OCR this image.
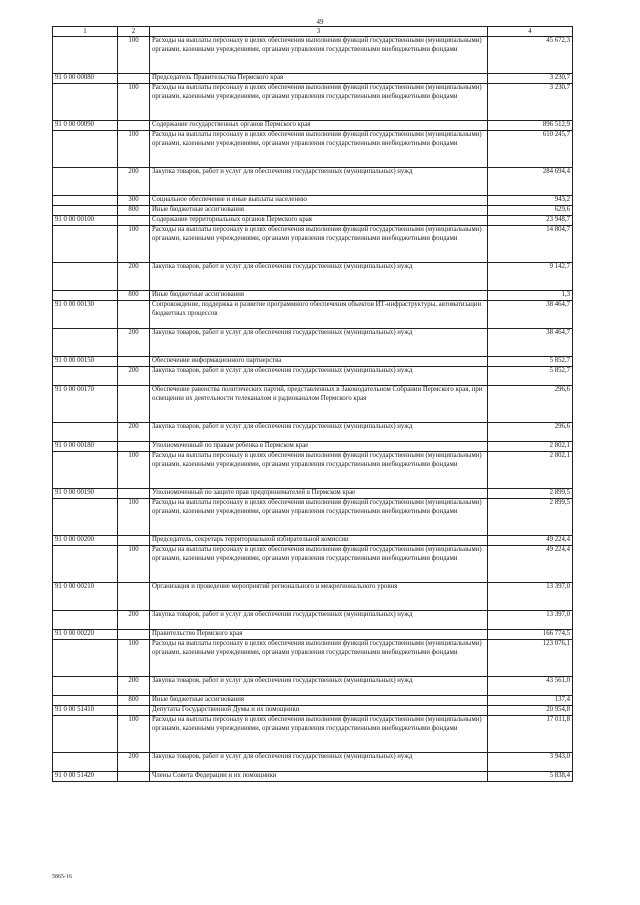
49
1	2	3	4
	100	Расходы на выплаты персоналу в целях обеспечения выполнения функций государственными (муниципальными) органами, казенными учреждениями, органами управления государственными внебюджетными фондами	45 672,3
91 0 00 00080		Председатель Правительства Пермского края	3 230,7
	100	Расходы на выплаты персоналу в целях обеспечения выполнения функций государственными (муниципальными) органами, казенными учреждениями, органами управления государственными внебюджетными фондами	3 230,7
91 0 00 00090		Содержание государственных органов Пермского края	896 512,9
	100	Расходы на выплаты персоналу в целях обеспечения выполнения функций государственными (муниципальными) органами, казенными учреждениями, органами управления государственными внебюджетными фондами	610 245,7
	200	Закупка товаров, работ и услуг для обеспечения государственных (муниципальных) нужд	284 694,4
	300	Социальное обеспечение и иные выплаты населению	943,2
	800	Иные бюджетные ассигнования	629,6
91 0 00 00100		Содержание территориальных органов Пермского края	23 948,7
	100	Расходы на выплаты персоналу в целях обеспечения выполнения функций государственными (муниципальными) органами, казенными учреждениями, органами управления государственными внебюджетными фондами	14 804,7
	200	Закупка товаров, работ и услуг для обеспечения государственных (муниципальных) нужд	9 142,7
	800	Иные бюджетные ассигнования	1,3
91 0 00 00130		Сопровождение, поддержка и развитие программного обеспечения объектов ИТ-инфраструктуры, автоматизации бюджетных процессов	38 464,7
	200	Закупка товаров, работ и услуг для обеспечения государственных (муниципальных) нужд	38 464,7
91 0 00 00150		Обеспечение информационного партнерства	5 852,7
	200	Закупка товаров, работ и услуг для обеспечения государственных (муниципальных) нужд	5 852,7
91 0 00 00170		Обеспечение равенства политических партий, представленных в Законодательном Собрании Пермского края, при освещении их деятельности телеканалом и радиоканалом Пермского края	296,6
	200	Закупка товаров, работ и услуг для обеспечения государственных (муниципальных) нужд	296,6
91 0 00 00180		Уполномоченный по правам ребенка в Пермском крае	2 802,1
	100	Расходы на выплаты персоналу в целях обеспечения выполнения функций государственными (муниципальными) органами, казенными учреждениями, органами управления государственными внебюджетными фондами	2 802,1
91 0 00 00190		Уполномоченный по защите прав предпринимателей в Пермском крае	2 899,5
	100	Расходы на выплаты персоналу в целях обеспечения выполнения функций государственными (муниципальными) органами, казенными учреждениями, органами управления государственными внебюджетными фондами	2 899,5
91 0 00 00200		Председатель, секретарь территориальной избирательной комиссии	49 224,4
	100	Расходы на выплаты персоналу в целях обеспечения выполнения функций государственными (муниципальными) органами, казенными учреждениями, органами управления государственными внебюджетными фондами	49 224,4
91 0 00 00210		Организация и проведение мероприятий регионального и межрегионального уровня	13 397,0
	200	Закупка товаров, работ и услуг для обеспечения государственных (муниципальных) нужд	13 397,0
91 0 00 00220		Правительство Пермского края	166 774,5
	100	Расходы на выплаты персоналу в целях обеспечения выполнения функций государственными (муниципальными) органами, казенными учреждениями, органами управления государственными внебюджетными фондами	123 076,1
	200	Закупка товаров, работ и услуг для обеспечения государственных (муниципальных) нужд	43 561,0
	800	Иные бюджетные ассигнования	137,4
91 0 00 51410		Депутаты Государственной Думы и их помощники	20 954,8
	100	Расходы на выплаты персоналу в целях обеспечения выполнения функций государственными (муниципальными) органами, казенными учреждениями, органами управления государственными внебюджетными фондами	17 011,8
	200	Закупка товаров, работ и услуг для обеспечения государственных (муниципальных) нужд	3 943,0
91 0 00 51420		Члены Совета Федерации и их помощники	5 838,4
5865-16
